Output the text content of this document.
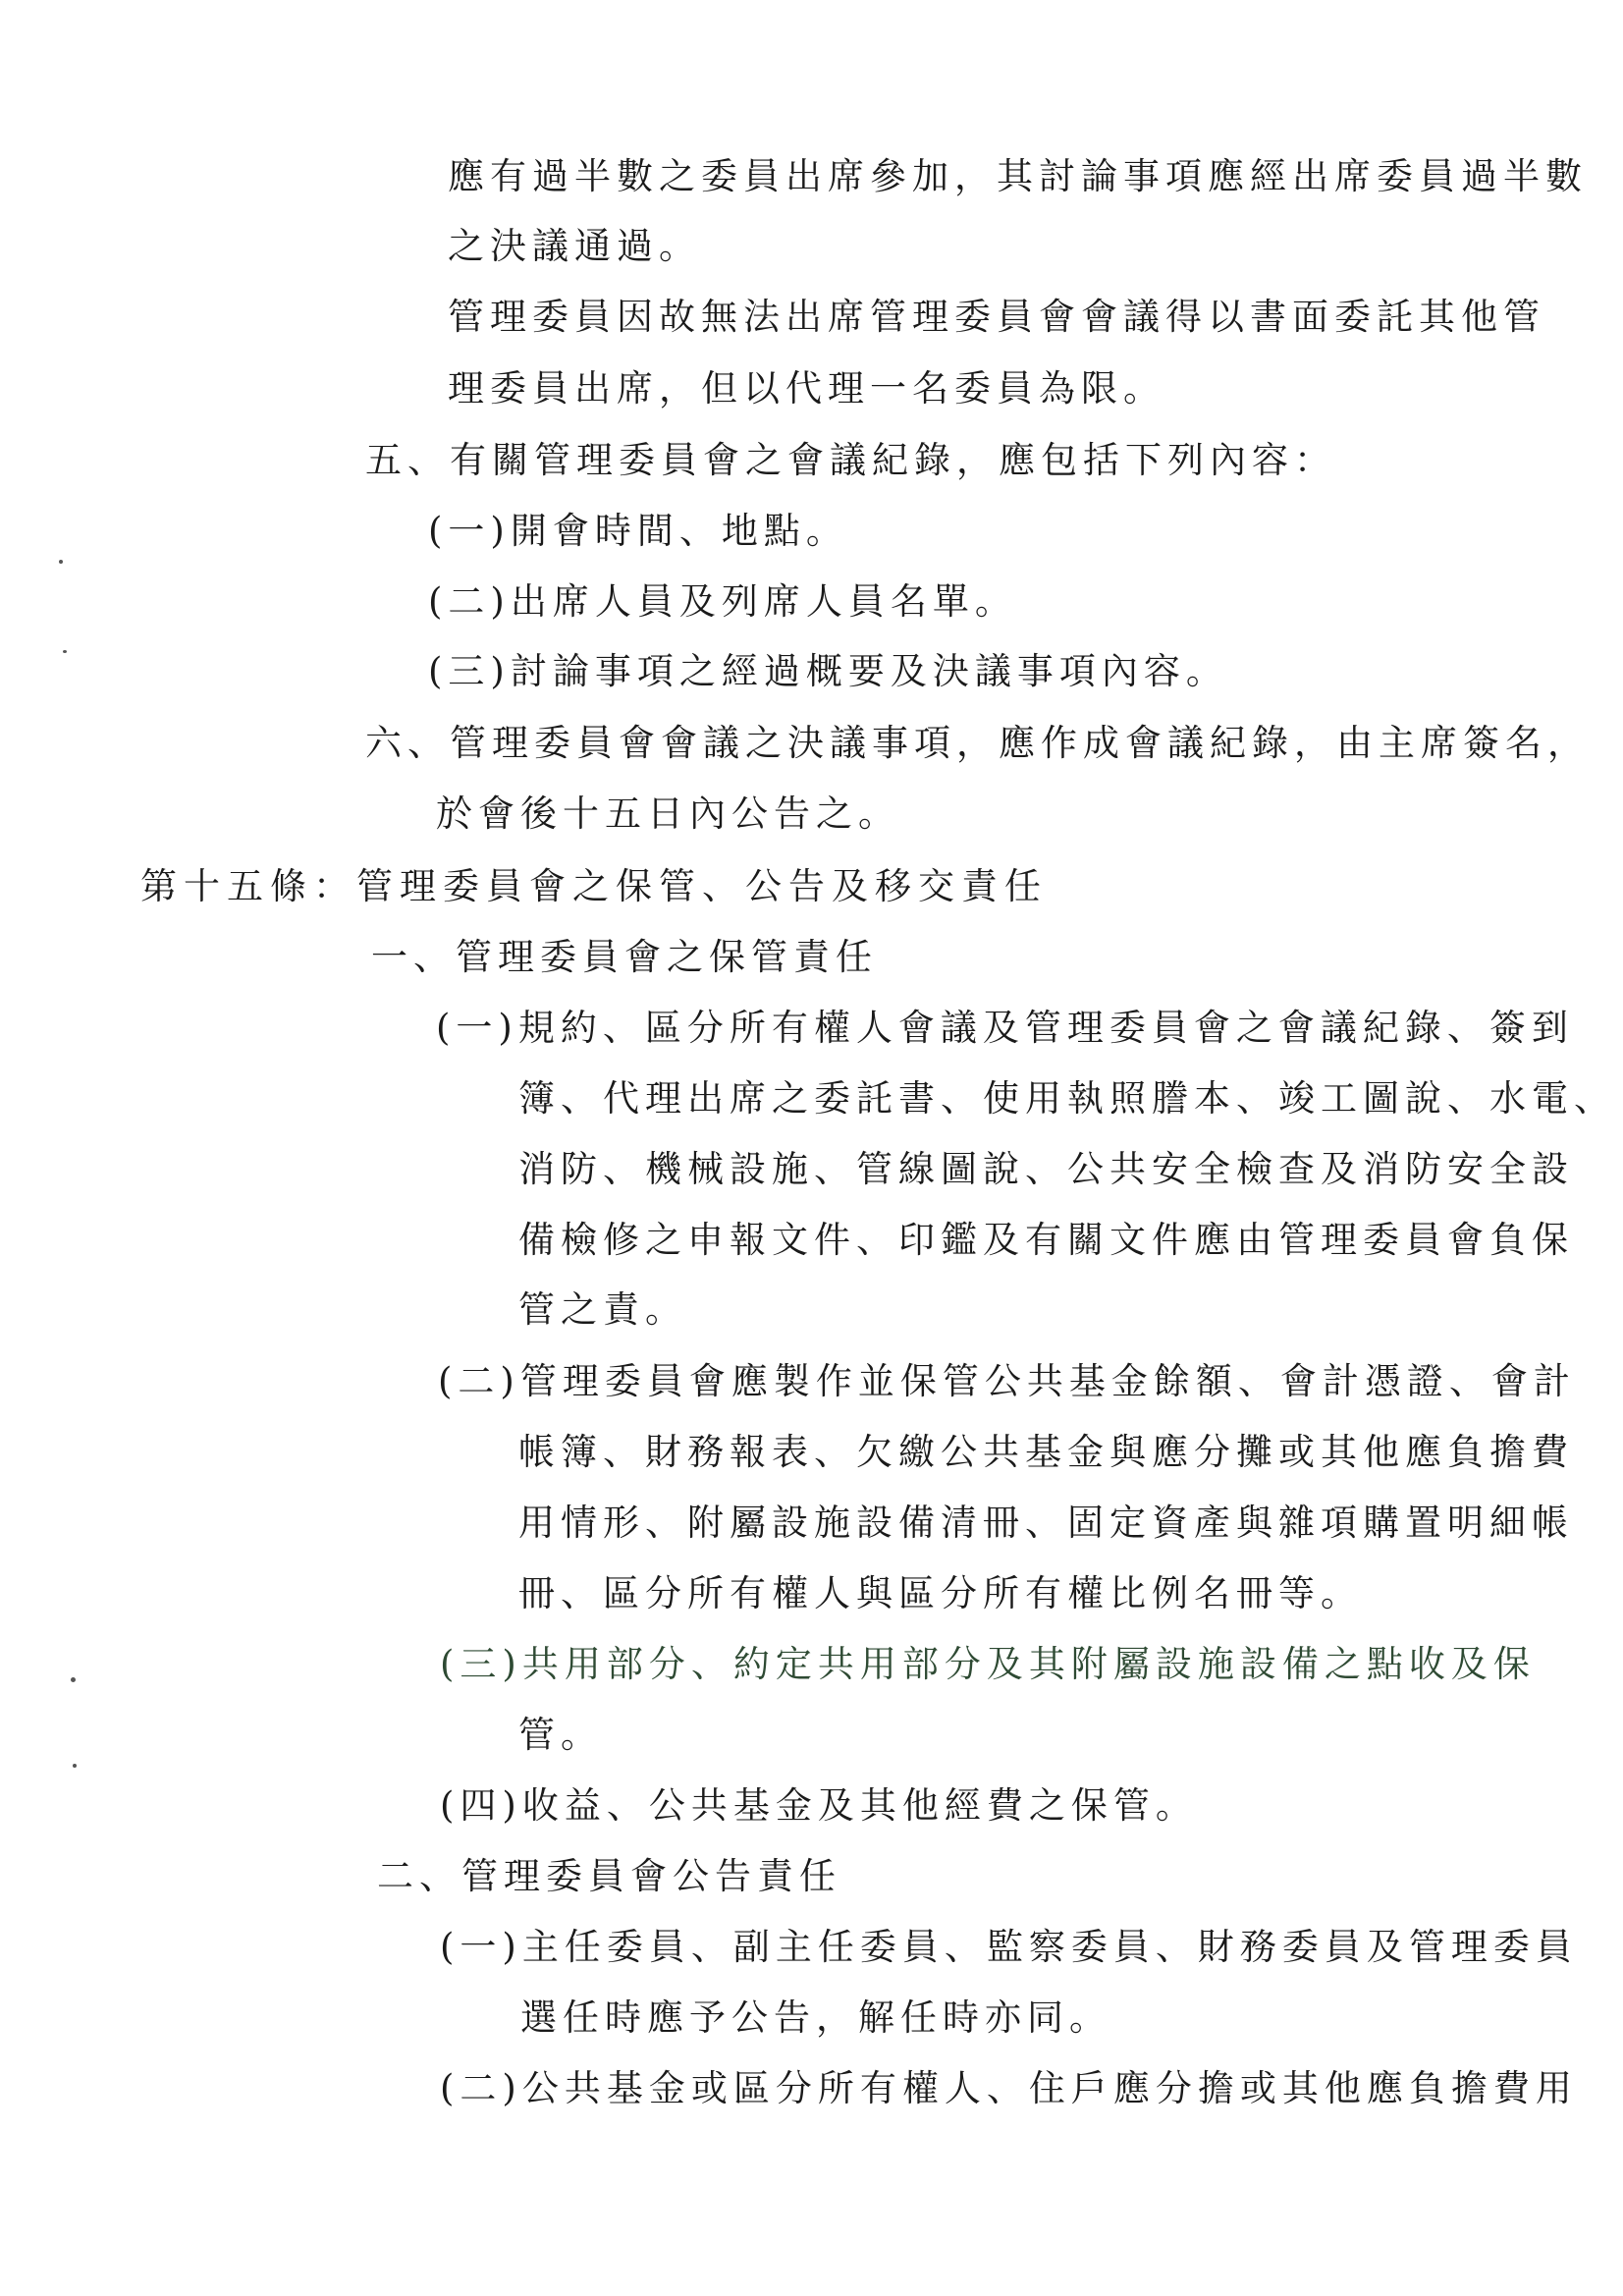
應有過半數之委員出席參加，其討論事項應經出席委員過半數
之決議通過。
管理委員因故無法出席管理委員會會議得以書面委託其他管
理委員出席，但以代理一名委員為限。
五、有關管理委員會之會議紀錄，應包括下列內容：
(一)開會時間、地點。
(二)出席人員及列席人員名單。
(三)討論事項之經過概要及決議事項內容。
六、管理委員會會議之決議事項，應作成會議紀錄，由主席簽名，
於會後十五日內公告之。
第十五條：管理委員會之保管、公告及移交責任
一、管理委員會之保管責任
(一)規約、區分所有權人會議及管理委員會之會議紀錄、簽到
簿、代理出席之委託書、使用執照謄本、竣工圖說、水電、
消防、機械設施、管線圖說、公共安全檢查及消防安全設
備檢修之申報文件、印鑑及有關文件應由管理委員會負保
管之責。
(二)管理委員會應製作並保管公共基金餘額、會計憑證、會計
帳簿、財務報表、欠繳公共基金與應分攤或其他應負擔費
用情形、附屬設施設備清冊、固定資產與雜項購置明細帳
冊、區分所有權人與區分所有權比例名冊等。
(三)共用部分、約定共用部分及其附屬設施設備之點收及保
管。
(四)收益、公共基金及其他經費之保管。
二、管理委員會公告責任
(一)主任委員、副主任委員、監察委員、財務委員及管理委員
選任時應予公告，解任時亦同。
(二)公共基金或區分所有權人、住戶應分擔或其他應負擔費用
